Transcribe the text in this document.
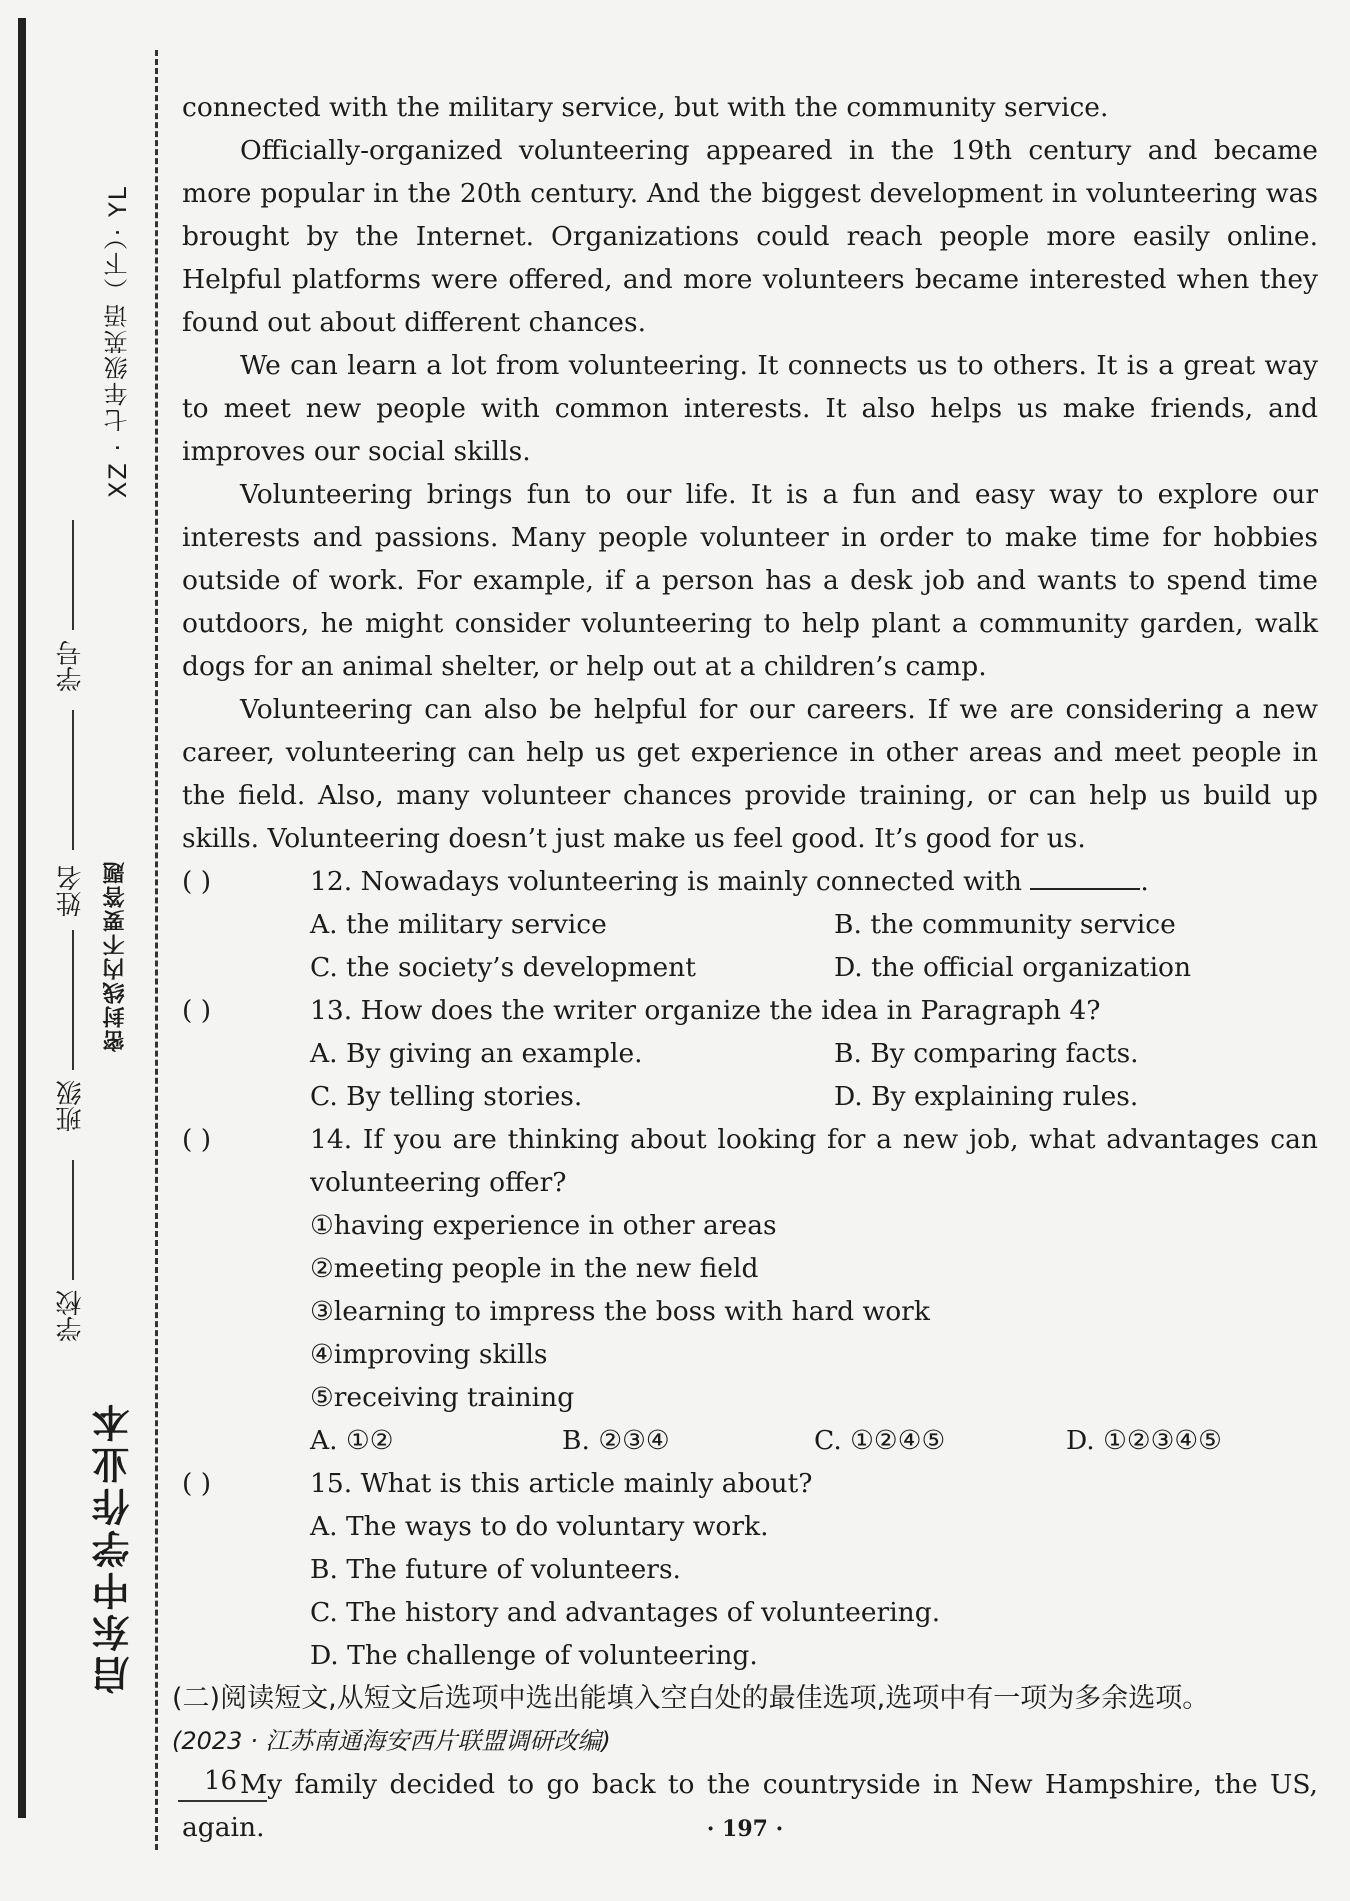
XZ · 七年级英语（下）· YL
密封线内不要答题
启东中学作业本
学校
班级
姓名
学号

connected with the military service, but with the community service.

Officially-organized volunteering appeared in the 19th century and became more popular in the 20th century. And the biggest development in volunteering was brought by the Internet. Organizations could reach people more easily online. Helpful platforms were offered, and more volunteers became interested when they found out about different chances.

We can learn a lot from volunteering. It connects us to others. It is a great way to meet new people with common interests. It also helps us make friends, and improves our social skills.

Volunteering brings fun to our life. It is a fun and easy way to explore our interests and passions. Many people volunteer in order to make time for hobbies outside of work. For example, if a person has a desk job and wants to spend time outdoors, he might consider volunteering to help plant a community garden, walk dogs for an animal shelter, or help out at a children’s camp.

Volunteering can also be helpful for our careers. If we are considering a new career, volunteering can help us get experience in other areas and meet people in the field. Also, many volunteer chances provide training, or can help us build up skills. Volunteering doesn’t just make us feel good. It’s good for us.

( )	12. Nowadays volunteering is mainly connected with	.

A. the military service	B. the community service
C. the society’s development	D. the official organization

( )	13. How does the writer organize the idea in Paragraph 4?

A. By giving an example.	B. By comparing facts.
C. By telling stories.	D. By explaining rules.

( )	14. If you are thinking about looking for a new job, what advantages can volunteering offer?

①having experience in other areas
②meeting people in the new field
③learning to impress the boss with hard work
④improving skills
⑤receiving training
A. ①②	B. ②③④	C. ①②④⑤	D. ①②③④⑤

( )	15. What is this article mainly about?

A. The ways to do voluntary work.
B. The future of volunteers.
C. The history and advantages of volunteering.
D. The challenge of volunteering.
(二)阅读短文,从短文后选项中选出能填入空白处的最佳选项,选项中有一项为多余选项。
(2023 · 江苏南通海安西片联盟调研改编)

My family decided to go back to the countryside in New Hampshire, the US, again.

16
· 197 ·
